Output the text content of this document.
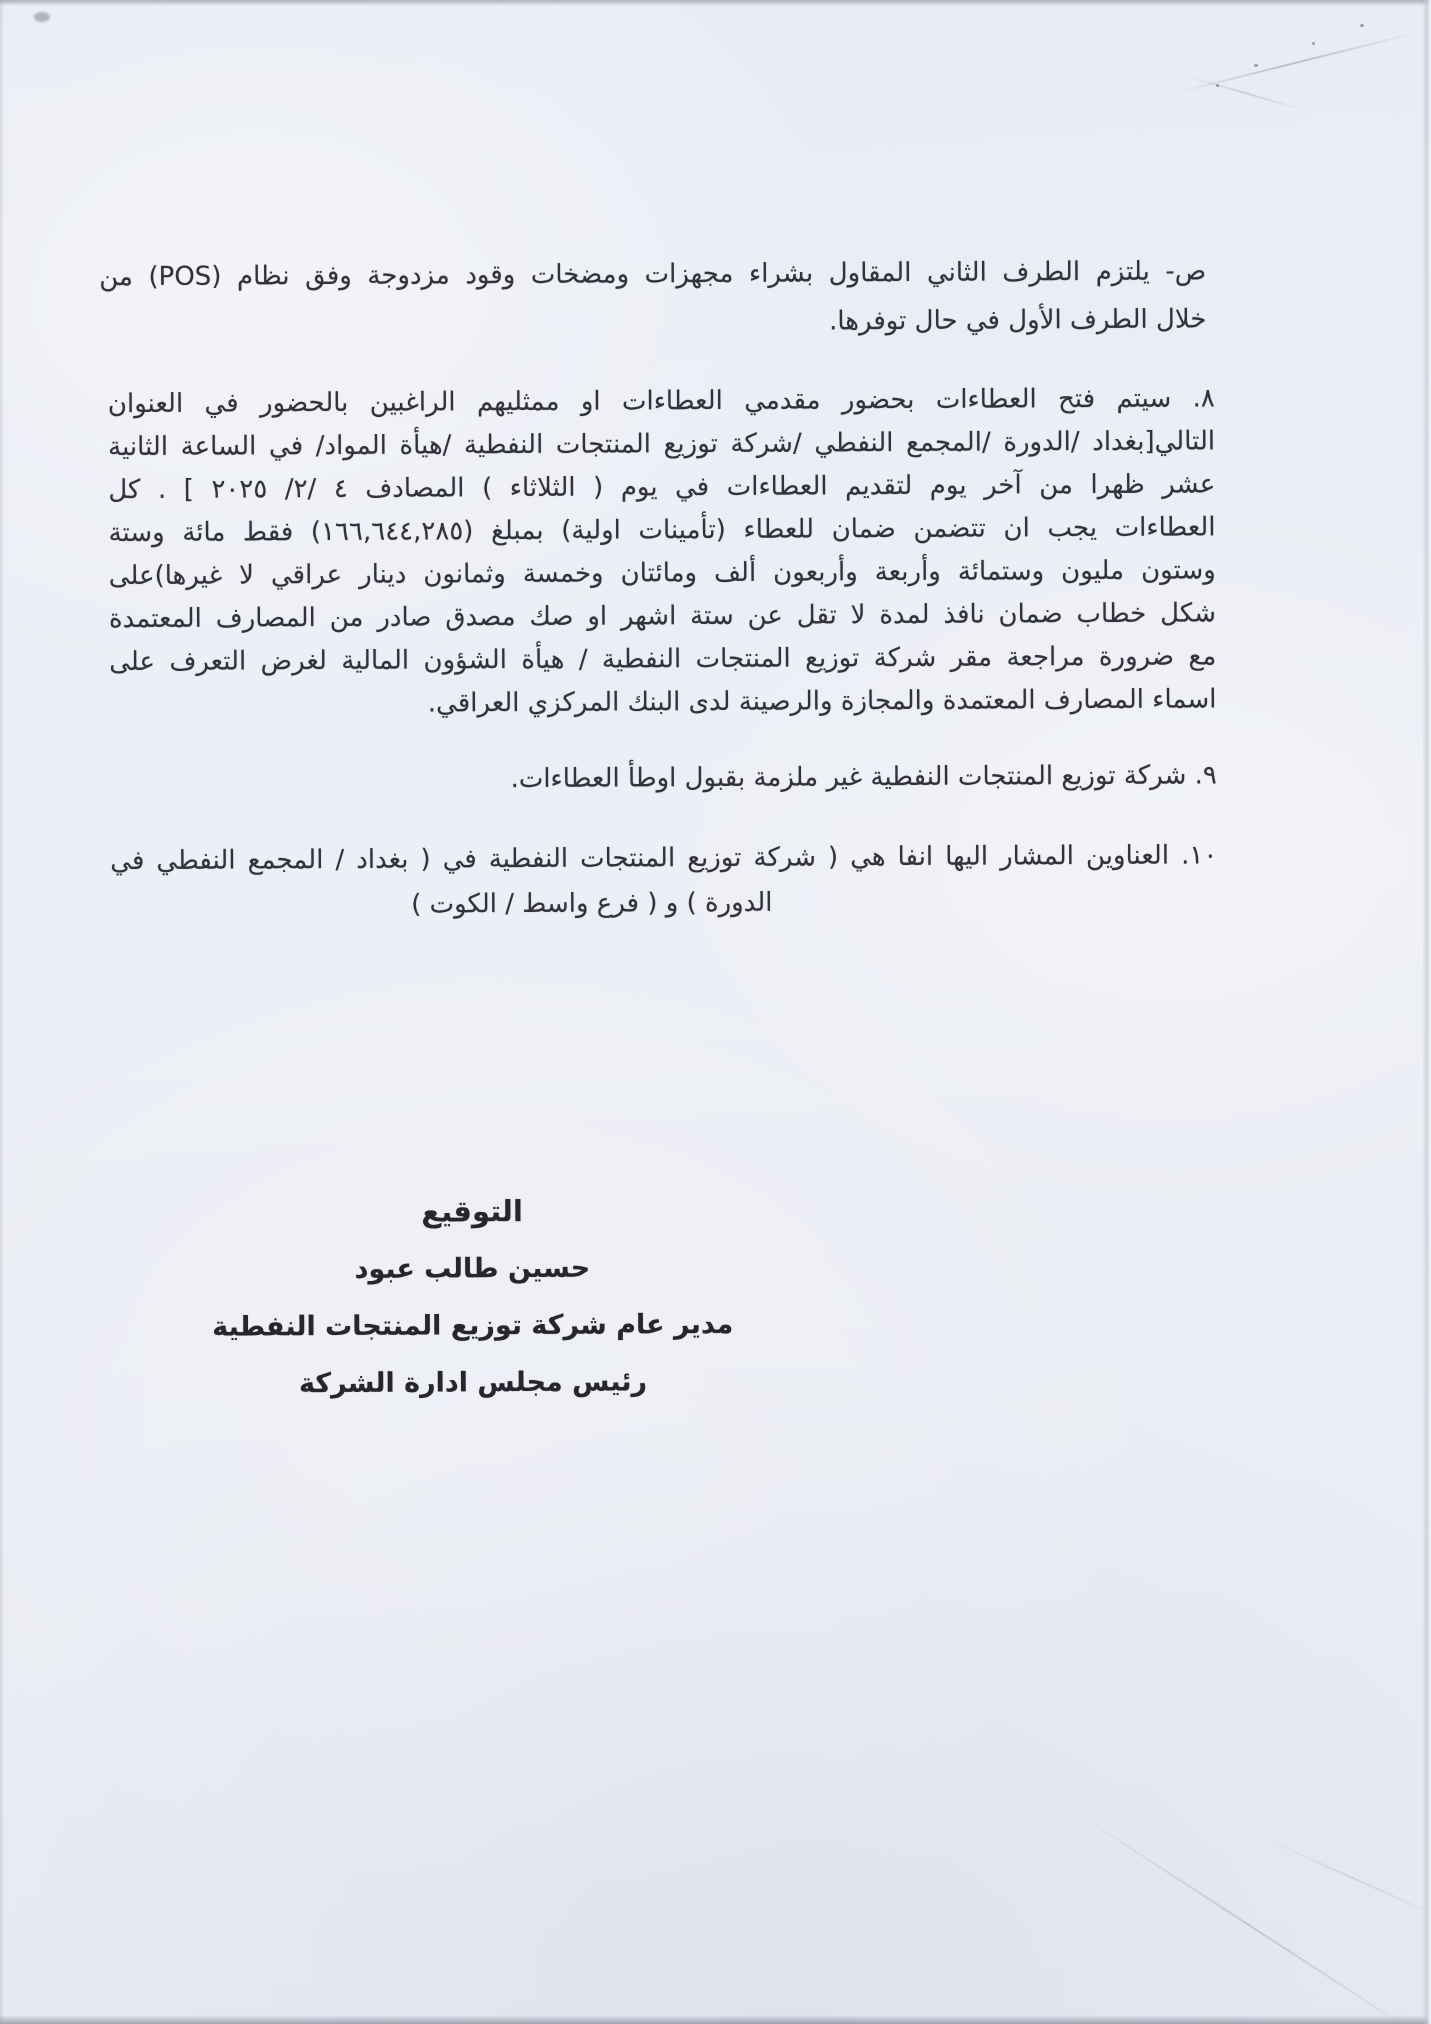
ص- يلتزم الطرف الثاني المقاول بشراء مجهزات ومضخات وقود مزدوجة وفق نظام (POS) من
خلال الطرف الأول في حال توفرها.
٨. سيتم فتح العطاءات بحضور مقدمي العطاءات او ممثليهم الراغبين بالحضور في العنوان
التالي[بغداد /الدورة /المجمع النفطي /شركة توزيع المنتجات النفطية /هيأة المواد/ في الساعة الثانية
عشر ظهرا من آخر يوم لتقديم العطاءات في يوم ( الثلاثاء ) المصادف ٤ /٢/ ٢٠٢٥ ] . كل
العطاءات يجب ان تتضمن ضمان للعطاء (تأمينات اولية) بمبلغ (١٦٦,٦٤٤,٢٨٥) فقط مائة وستة
وستون مليون وستمائة وأربعة وأربعون ألف ومائتان وخمسة وثمانون دينار عراقي لا غيرها)على
شكل خطاب ضمان نافذ لمدة لا تقل عن ستة اشهر او صك مصدق صادر من المصارف المعتمدة
مع ضرورة مراجعة مقر شركة توزيع المنتجات النفطية / هيأة الشؤون المالية لغرض التعرف على
اسماء المصارف المعتمدة والمجازة والرصينة لدى البنك المركزي العراقي.
٩. شركة توزيع المنتجات النفطية غير ملزمة بقبول اوطأ العطاءات.
١٠. العناوين المشار اليها انفا هي ( شركة توزيع المنتجات النفطية في ( بغداد / المجمع النفطي في
الدورة ) و ( فرع واسط / الكوت )
التوقيع
حسين طالب عبود
مدير عام شركة توزيع المنتجات النفطية
رئيس مجلس ادارة الشركة
